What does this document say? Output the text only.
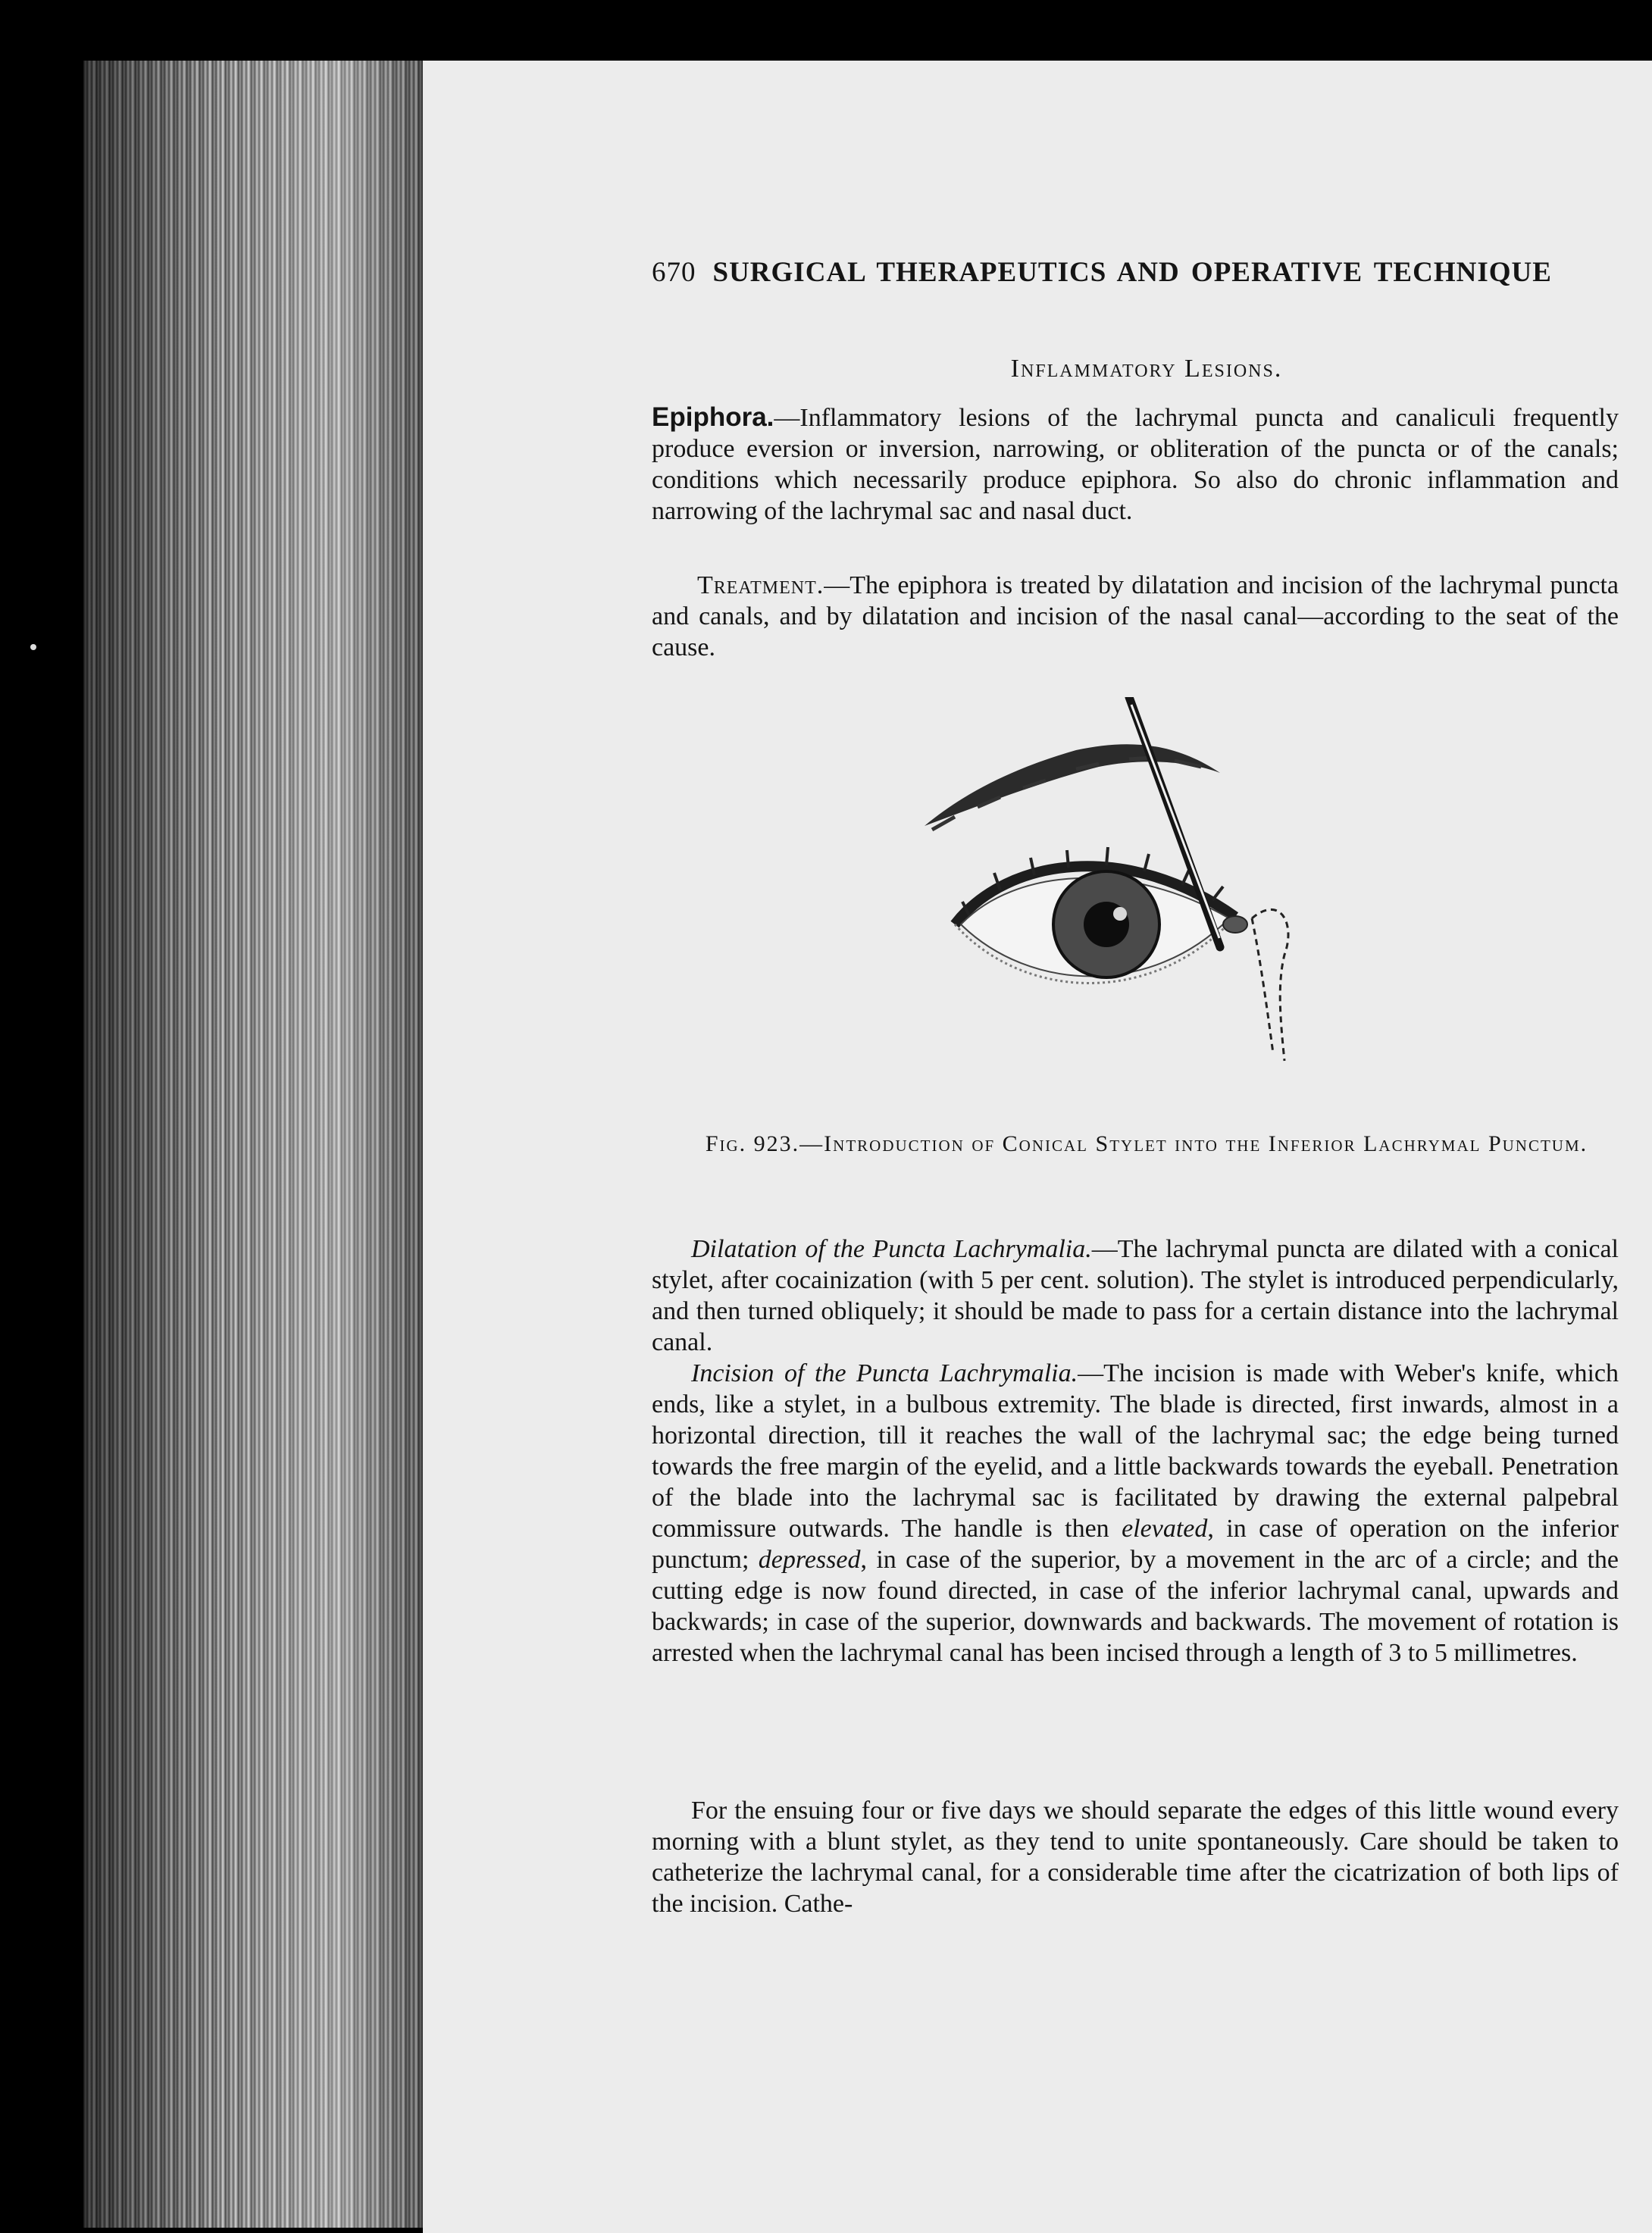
670 SURGICAL THERAPEUTICS AND OPERATIVE TECHNIQUE
Inflammatory Lesions.

Epiphora.—Inflammatory lesions of the lachrymal puncta and canaliculi frequently produce eversion or inversion, narrowing, or obliteration of the puncta or of the canals; conditions which necessarily produce epiphora. So also do chronic inflammation and narrowing of the lachrymal sac and nasal duct.

Treatment.—The epiphora is treated by dilatation and incision of the lachrymal puncta and canals, and by dilatation and incision of the nasal canal—according to the seat of the cause.

Fig. 923.—Introduction of Conical Stylet into the Inferior Lachrymal Punctum.

Dilatation of the Puncta Lachrymalia.—The lachrymal puncta are dilated with a conical stylet, after cocainization (with 5 per cent. solution). The stylet is introduced perpendicularly, and then turned obliquely; it should be made to pass for a certain distance into the lachrymal canal.

Incision of the Puncta Lachrymalia.—The incision is made with Weber's knife, which ends, like a stylet, in a bulbous extremity. The blade is directed, first inwards, almost in a horizontal direction, till it reaches the wall of the lachrymal sac; the edge being turned towards the free margin of the eyelid, and a little backwards towards the eyeball. Penetration of the blade into the lachrymal sac is facilitated by drawing the external palpebral commissure outwards. The handle is then elevated, in case of operation on the inferior punctum; depressed, in case of the superior, by a movement in the arc of a circle; and the cutting edge is now found directed, in case of the inferior lachrymal canal, upwards and backwards; in case of the superior, downwards and backwards. The movement of rotation is arrested when the lachrymal canal has been incised through a length of 3 to 5 millimetres.

For the ensuing four or five days we should separate the edges of this little wound every morning with a blunt stylet, as they tend to unite spontaneously. Care should be taken to catheterize the lachrymal canal, for a considerable time after the cicatrization of both lips of the incision. Cathe-
